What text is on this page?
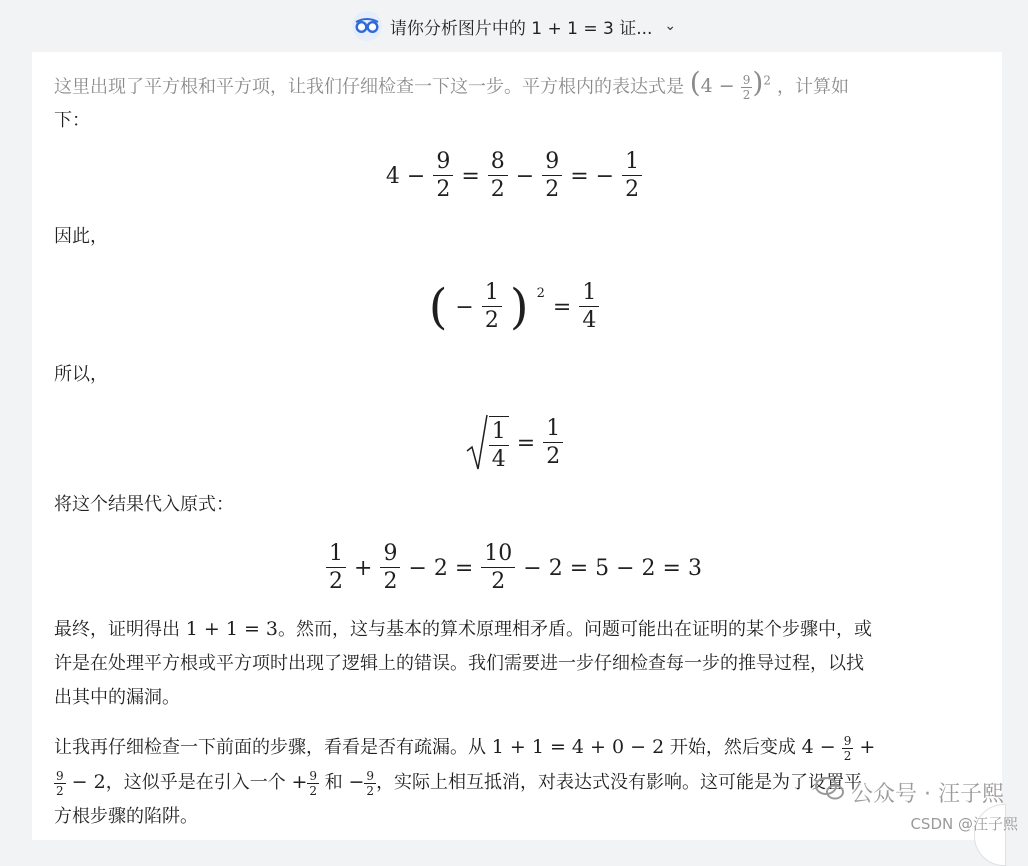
请你分析图片中的 1 + 1 = 3 证... ⌄

这里出现了平方根和平方项，让我们仔细检查一下这一步。平方根内的表达式是 $(4 - \frac{9}{2} )^2$ ，计算如

下：

$4 - \frac{9}{2} = \frac{8}{2} - \frac{9}{2}$ = − $\frac{1}{2}$

因此，

( − $\frac{1}{2}$ ) 2
= $\frac{1}{4}$

所以，

$\frac{1}{4} = \frac{1}{2}$

将这个结果代入原式：

$\frac{1}{2} + \frac{9}{2} - 2 = \frac{10}{2} - 2 = 5 - 2 = 3$

最终，证明得出 1 + 1 = 3。然而，这与基本的算术原理相矛盾。问题可能出在证明的某个步骤中，或

许是在处理平方根或平方项时出现了逻辑上的错误。我们需要进一步仔细检查每一步的推导过程，以找

出其中的漏洞。

让我再仔细检查一下前面的步骤，看看是否有疏漏。从 1 + 1 = 4 + 0 − 2 开始，然后变成 $4 - \frac{9}{2}$ +

$\frac{9}{2} - 2$，这似乎是在引入一个 + $\frac{9}{2}$ 和 − $\frac{9}{2}$ ，实际上相互抵消，对表达式没有影响。这可能是为了设置平

方根步骤的陷阱。

公众号 · 汪子熙
CSDN @汪子熙
